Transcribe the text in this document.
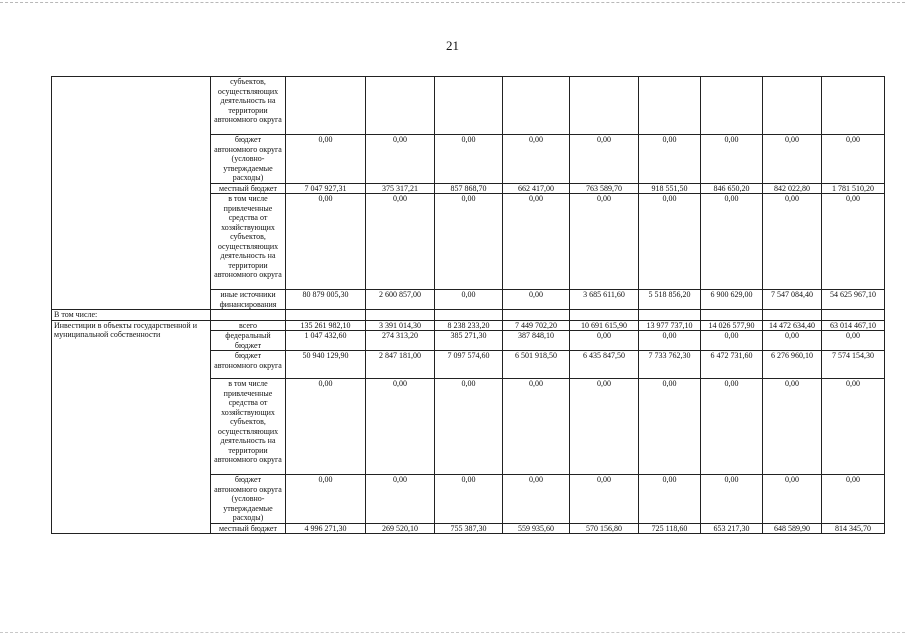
21
	субъектов, осуществляющих деятельность на территории автономного округа									
	бюджет автономного округа (условно-утверждаемые расходы)	0,00	0,00	0,00	0,00	0,00	0,00	0,00	0,00	0,00
	местный бюджет	7 047 927,31	375 317,21	857 868,70	662 417,00	763 589,70	918 551,50	846 650,20	842 022,80	1 781 510,20
	в том числе привлеченные средства от хозяйствующих субъектов, осуществляющих деятельность на территории автономного округа	0,00	0,00	0,00	0,00	0,00	0,00	0,00	0,00	0,00
	иные источники финансирования	80 879 005,30	2 600 857,00	0,00	0,00	3 685 611,60	5 518 856,20	6 900 629,00	7 547 084,40	54 625 967,10
В том числе:										
Инвестиции в объекты государственной и муниципальной собственности	всего	135 261 982,10	3 391 014,30	8 238 233,20	7 449 702,20	10 691 615,90	13 977 737,10	14 026 577,90	14 472 634,40	63 014 467,10
	федеральный бюджет	1 047 432,60	274 313,20	385 271,30	387 848,10	0,00	0,00	0,00	0,00	0,00
	бюджет автономного округа	50 940 129,90	2 847 181,00	7 097 574,60	6 501 918,50	6 435 847,50	7 733 762,30	6 472 731,60	6 276 960,10	7 574 154,30
	в том числе привлеченные средства от хозяйствующих субъектов, осуществляющих деятельность на территории автономного округа	0,00	0,00	0,00	0,00	0,00	0,00	0,00	0,00	0,00
	бюджет автономного округа (условно-утверждаемые расходы)	0,00	0,00	0,00	0,00	0,00	0,00	0,00	0,00	0,00
	местный бюджет	4 996 271,30	269 520,10	755 387,30	559 935,60	570 156,80	725 118,60	653 217,30	648 589,90	814 345,70
